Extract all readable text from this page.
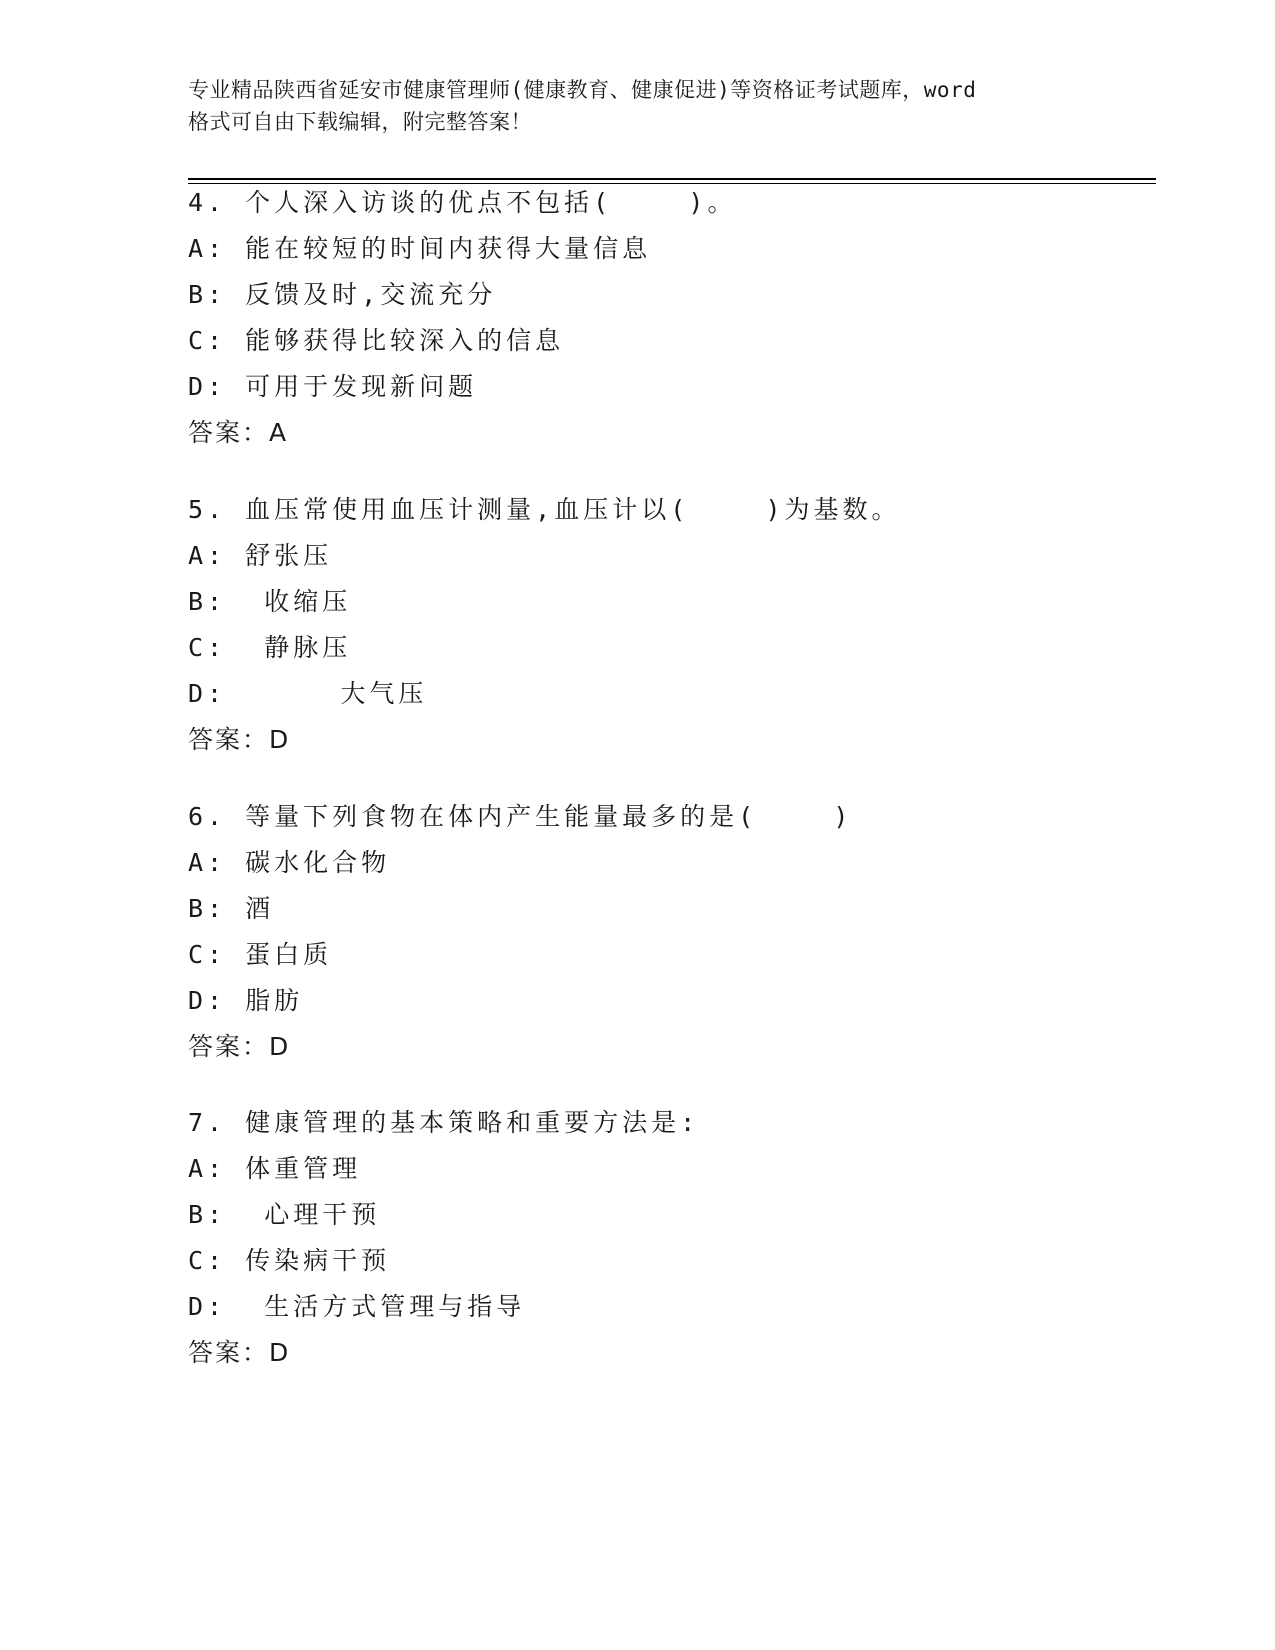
专业精品陕西省延安市健康管理师(健康教育、健康促进)等资格证考试题库，word
格式可自由下载编辑，附完整答案！
4. 个人深入访谈的优点不包括(    )。
A: 能在较短的时间内获得大量信息
B: 反馈及时,交流充分
C: 能够获得比较深入的信息
D: 可用于发现新问题
答案：A
5. 血压常使用血压计测量,血压计以(    )为基数。
A: 舒张压
B:  收缩压
C:  静脉压
D:      大气压
答案：D
6. 等量下列食物在体内产生能量最多的是(    )
A: 碳水化合物
B: 酒
C: 蛋白质
D: 脂肪
答案：D
7. 健康管理的基本策略和重要方法是:
A: 体重管理
B:  心理干预
C: 传染病干预
D:  生活方式管理与指导
答案：D
